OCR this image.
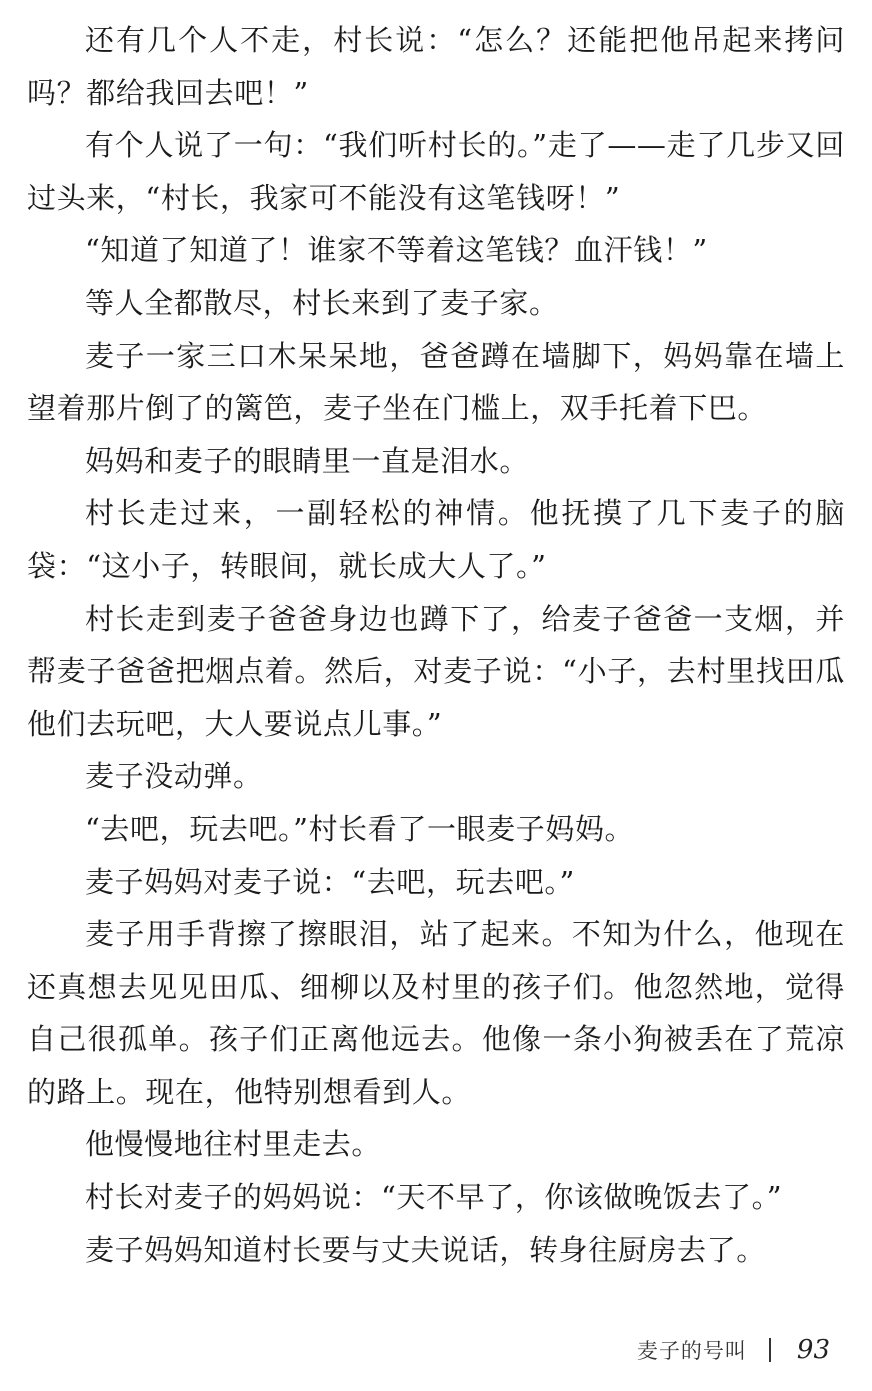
还有几个人不走，村长说：“怎么？还能把他吊起来拷问吗？都给我回去吧！”

有个人说了一句：“我们听村长的。”走了——走了几步又回过头来，“村长，我家可不能没有这笔钱呀！”

“知道了知道了！谁家不等着这笔钱？血汗钱！”

等人全都散尽，村长来到了麦子家。

麦子一家三口木呆呆地，爸爸蹲在墙脚下，妈妈靠在墙上望着那片倒了的篱笆，麦子坐在门槛上，双手托着下巴。

妈妈和麦子的眼睛里一直是泪水。

村长走过来，一副轻松的神情。他抚摸了几下麦子的脑袋：“这小子，转眼间，就长成大人了。”

村长走到麦子爸爸身边也蹲下了，给麦子爸爸一支烟，并帮麦子爸爸把烟点着。然后，对麦子说：“小子，去村里找田瓜他们去玩吧，大人要说点儿事。”

麦子没动弹。

“去吧，玩去吧。”村长看了一眼麦子妈妈。

麦子妈妈对麦子说：“去吧，玩去吧。”

麦子用手背擦了擦眼泪，站了起来。不知为什么，他现在还真想去见见田瓜、细柳以及村里的孩子们。他忽然地，觉得自己很孤单。孩子们正离他远去。他像一条小狗被丢在了荒凉的路上。现在，他特别想看到人。

他慢慢地往村里走去。

村长对麦子的妈妈说：“天不早了，你该做晚饭去了。”

麦子妈妈知道村长要与丈夫说话，转身往厨房去了。

麦子的号叫 93
